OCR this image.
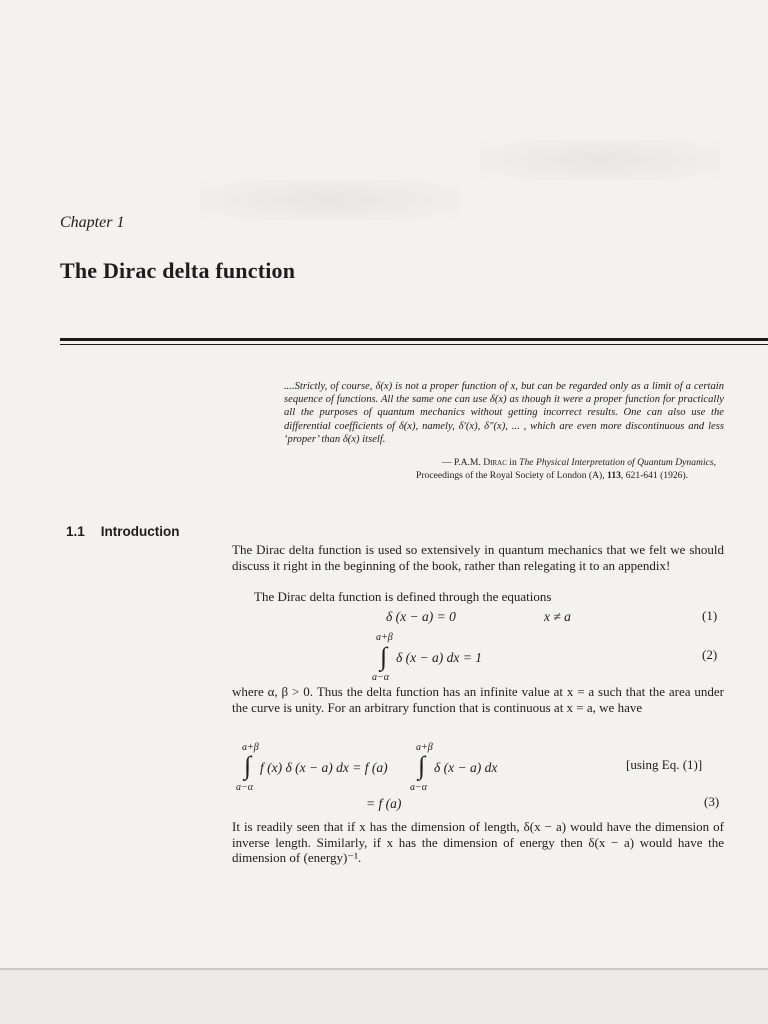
Chapter 1
The Dirac delta function
....Strictly, of course, δ(x) is not a proper function of x, but can be regarded only as a limit of a certain sequence of functions. All the same one can use δ(x) as though it were a proper function for practically all the purposes of quantum mechanics without getting incorrect results. One can also use the differential coefficients of δ(x), namely, δ′(x), δ″(x), ... , which are even more discontinuous and less ‘proper’ than δ(x) itself.
— P.A.M. Dirac in The Physical Interpretation of Quantum Dynamics,
Proceedings of the Royal Society of London (A), 113, 621-641 (1926).
1.1 Introduction
The Dirac delta function is used so extensively in quantum mechanics that we felt we should discuss it right in the beginning of the book, rather than relegating it to an appendix!
The Dirac delta function is defined through the equations
δ (x − a) = 0	x ≠ a	(1)
a+β
∫ δ (x − a) dx = 1
a−α
(2)
where α, β > 0. Thus the delta function has an infinite value at x = a such that the area under the curve is unity. For an arbitrary function that is continuous at x = a, we have
a+β
∫ f (x) δ (x − a) dx = f (a)
a−α
a+β
∫ δ (x − a) dx
a−α
[using Eq. (1)]
= f (a)	(3)
It is readily seen that if x has the dimension of length, δ(x − a) would have the dimension of inverse length. Similarly, if x has the dimension of energy then δ(x − a) would have the dimension of (energy)⁻¹.
